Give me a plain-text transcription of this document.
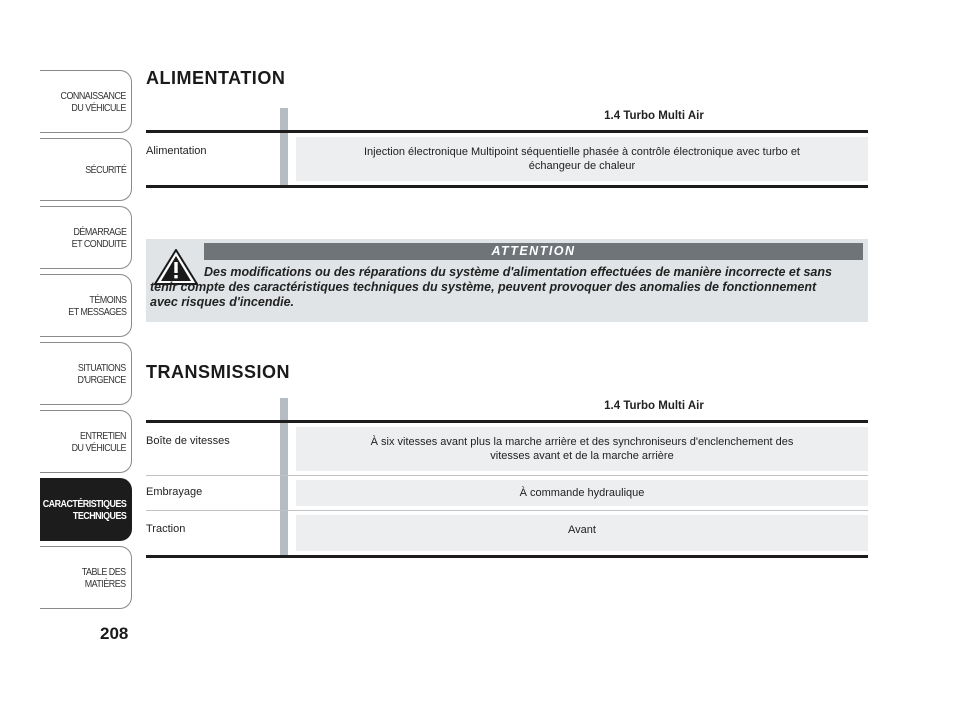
CONNAISSANCE
DU VÉHICULE
SÉCURITÉ
DÉMARRAGE
ET CONDUITE
TÉMOINS
ET MESSAGES
SITUATIONS
D'URGENCE
ENTRETIEN
DU VÉHICULE
CARACTÉRISTIQUES
TECHNIQUES
TABLE DES
MATIÈRES
208
ALIMENTATION
1.4 Turbo Multi Air
Alimentation	Injection électronique Multipoint séquentielle phasée à contrôle électronique avec turbo et échangeur de chaleur
ATTENTION
Des modifications ou des réparations du système d'alimentation effectuées de manière incorrecte et sans tenir compte des caractéristiques techniques du système, peuvent provoquer des anomalies de fonctionnement avec risques d'incendie.
TRANSMISSION
1.4 Turbo Multi Air
Boîte de vitesses	À six vitesses avant plus la marche arrière et des synchroniseurs d'enclenchement des vitesses avant et de la marche arrière
Embrayage	À commande hydraulique
Traction	Avant
